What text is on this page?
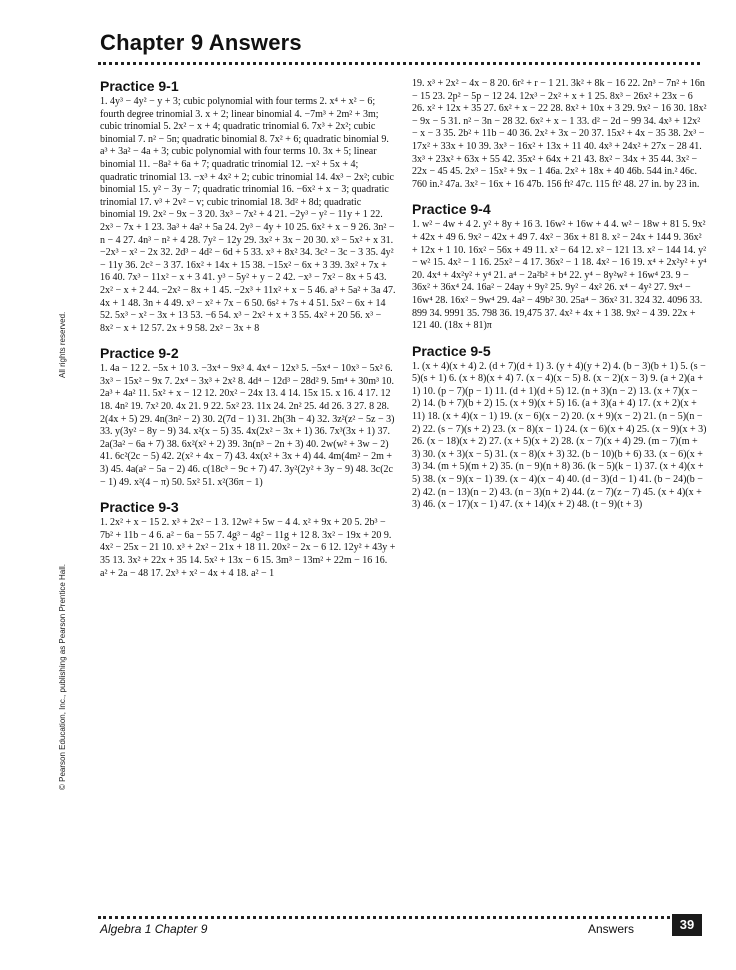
Chapter 9 Answers
All rights reserved.
© Pearson Education, Inc., publishing as Pearson Prentice Hall.
Practice 9-1
1. 4y³ − 4y² − y + 3; cubic polynomial with four terms 2. x⁴ + x² − 6; fourth degree trinomial 3. x + 2; linear binomial 4. −7m³ + 2m² + 3m; cubic trinomial 5. 2x² − x + 4; quadratic trinomial 6. 7x³ + 2x²; cubic binomial 7. n² − 5n; quadratic binomial 8. 7x² + 6; quadratic binomial 9. a³ + 3a² − 4a + 3; cubic polynomial with four terms 10. 3x + 5; linear binomial 11. −8a² + 6a + 7; quadratic trinomial 12. −x² + 5x + 4; quadratic trinomial 13. −x³ + 4x² + 2; cubic trinomial 14. 4x³ − 2x²; cubic binomial 15. y² − 3y − 7; quadratic trinomial 16. −6x² + x − 3; quadratic trinomial 17. v³ + 2v² − v; cubic trinomial 18. 3d² + 8d; quadratic binomial 19. 2x² − 9x − 3 20. 3x³ − 7x² + 4 21. −2y³ − y² − 11y + 1 22. 2x³ − 7x + 1 23. 3a³ + 4a² + 5a 24. 2y³ − 4y + 10 25. 6x² + x − 9 26. 3n² − n − 4 27. 4n³ − n² + 4 28. 7y² − 12y 29. 3x² + 3x − 20 30. x³ − 5x² + x 31. −2x³ − x² − 2x 32. 2d³ − 4d² − 6d + 5 33. x³ + 8x² 34. 3c² − 3c − 3 35. 4y² − 11y 36. 2c² − 3 37. 16x² + 14x + 15 38. −15x² − 6x + 3 39. 3x² + 7x + 16 40. 7x³ − 11x² − x + 3 41. y³ − 5y² + y − 2 42. −x³ − 7x² − 8x + 5 43. 2x² − x + 2 44. −2x² − 8x + 1 45. −2x³ + 11x² + x − 5 46. a³ + 5a² + 3a 47. 4x + 1 48. 3n + 4 49. x³ − x² + 7x − 6 50. 6s² + 7s + 4 51. 5x² − 6x + 14 52. 5x³ − x² − 3x + 13 53. −6 54. x³ − 2x² + x + 3 55. 4x² + 20 56. x³ − 8x² − x + 12 57. 2x + 9 58. 2x² − 3x + 8
Practice 9-2
1. 4a − 12 2. −5x + 10 3. −3x⁴ − 9x³ 4. 4x⁴ − 12x³ 5. −5x⁴ − 10x³ − 5x² 6. 3x³ − 15x² − 9x 7. 2x⁴ − 3x³ + 2x² 8. 4d⁴ − 12d³ − 28d² 9. 5m⁴ + 30m³ 10. 2a³ + 4a² 11. 5x² + x − 12 12. 20x² − 24x 13. 4 14. 15x 15. x 16. 4 17. 12 18. 4n² 19. 7x² 20. 4x 21. 9 22. 5x² 23. 11x 24. 2n² 25. 4d 26. 3 27. 8 28. 2(4x + 5) 29. 4n(3n² − 2) 30. 2(7d − 1) 31. 2h(3h − 4) 32. 3z²(z² − 5z − 3) 33. y(3y² − 8y − 9) 34. x²(x − 5) 35. 4x(2x² − 3x + 1) 36. 7x³(3x + 1) 37. 2a(3a² − 6a + 7) 38. 6x²(x² + 2) 39. 3n(n³ − 2n + 3) 40. 2w(w² + 3w − 2) 41. 6c²(2c − 5) 42. 2(x² + 4x − 7) 43. 4x(x² + 3x + 4) 44. 4m(4m² − 2m + 3) 45. 4a(a² − 5a − 2) 46. c(18c³ − 9c + 7) 47. 3y²(2y² + 3y − 9) 48. 3c(2c − 1) 49. x²(4 − π) 50. 5x² 51. x²(36π − 1)
Practice 9-3
1. 2x² + x − 15 2. x³ + 2x² − 1 3. 12w² + 5w − 4 4. x² + 9x + 20 5. 2b³ − 7b² + 11b − 4 6. a² − 6a − 55 7. 4g³ − 4g² − 11g + 12 8. 3x² − 19x + 20 9. 4x² − 25x − 21 10. x³ + 2x² − 21x + 18 11. 20x² − 2x − 6 12. 12y² + 43y + 35 13. 3x² + 22x + 35 14. 5x² + 13x − 6 15. 3m³ − 13m² + 22m − 16 16. a² + 2a − 48 17. 2x³ + x² − 4x + 4 18. a² − 1
19. x³ + 2x² − 4x − 8 20. 6r² + r − 1 21. 3k² + 8k − 16 22. 2n³ − 7n² + 16n − 15 23. 2p² − 5p − 12 24. 12x³ − 2x² + x + 1 25. 8x³ − 26x² + 23x − 6 26. x² + 12x + 35 27. 6x² + x − 22 28. 8x² + 10x + 3 29. 9x² − 16 30. 18x² − 9x − 5 31. n² − 3n − 28 32. 6x² + x − 1 33. d² − 2d − 99 34. 4x³ + 12x² − x − 3 35. 2b² + 11b − 40 36. 2x² + 3x − 20 37. 15x² + 4x − 35 38. 2x³ − 17x² + 33x + 10 39. 3x³ − 16x² + 13x + 11 40. 4x³ + 24x² + 27x − 28 41. 3x³ + 23x² + 63x + 55 42. 35x² + 64x + 21 43. 8x² − 34x + 35 44. 3x² − 22x − 45 45. 2x³ − 15x² + 9x − 1 46a. 2x² + 18x + 40 46b. 544 in.² 46c. 760 in.² 47a. 3x² − 16x + 16 47b. 156 ft² 47c. 115 ft² 48. 27 in. by 23 in.
Practice 9-4
1. w² − 4w + 4 2. y² + 8y + 16 3. 16w² + 16w + 4 4. w² − 18w + 81 5. 9x² + 42x + 49 6. 9x² − 42x + 49 7. 4x² − 36x + 81 8. x² − 24x + 144 9. 36x² + 12x + 1 10. 16x² − 56x + 49 11. x² − 64 12. x² − 121 13. x² − 144 14. y² − w² 15. 4x² − 1 16. 25x² − 4 17. 36x² − 1 18. 4x² − 16 19. x⁴ + 2x²y² + y⁴ 20. 4x⁴ + 4x²y² + y⁴ 21. a⁴ − 2a²b² + b⁴ 22. y⁴ − 8y²w² + 16w⁴ 23. 9 − 36x² + 36x⁴ 24. 16a² − 24ay + 9y² 25. 9y² − 4x² 26. x⁴ − 4y² 27. 9x⁴ − 16w⁴ 28. 16x² − 9w⁴ 29. 4a² − 49b² 30. 25a⁴ − 36x² 31. 324 32. 4096 33. 899 34. 9991 35. 798 36. 19,475 37. 4x² + 4x + 1 38. 9x² − 4 39. 22x + 121 40. (18x + 81)π
Practice 9-5
1. (x + 4)(x + 4) 2. (d + 7)(d + 1) 3. (y + 4)(y + 2) 4. (b − 3)(b + 1) 5. (s − 5)(s + 1) 6. (x + 8)(x + 4) 7. (x − 4)(x − 5) 8. (x − 2)(x − 3) 9. (a + 2)(a + 1) 10. (p − 7)(p − 1) 11. (d + 1)(d + 5) 12. (n + 3)(n − 2) 13. (x + 7)(x − 2) 14. (b + 7)(b + 2) 15. (x + 9)(x + 5) 16. (a + 3)(a + 4) 17. (x + 2)(x + 11) 18. (x + 4)(x − 1) 19. (x − 6)(x − 2) 20. (x + 9)(x − 2) 21. (n − 5)(n − 2) 22. (s − 7)(s + 2) 23. (x − 8)(x − 1) 24. (x − 6)(x + 4) 25. (x − 9)(x + 3) 26. (x − 18)(x + 2) 27. (x + 5)(x + 2) 28. (x − 7)(x + 4) 29. (m − 7)(m + 3) 30. (x + 3)(x − 5) 31. (x − 8)(x + 3) 32. (b − 10)(b + 6) 33. (x − 6)(x + 3) 34. (m + 5)(m + 2) 35. (n − 9)(n + 8) 36. (k − 5)(k − 1) 37. (x + 4)(x + 5) 38. (x − 9)(x − 1) 39. (x − 4)(x − 4) 40. (d − 3)(d − 1) 41. (b − 24)(b − 2) 42. (n − 13)(n − 2) 43. (n − 3)(n + 2) 44. (z − 7)(z − 7) 45. (x + 4)(x + 3) 46. (x − 17)(x − 1) 47. (x + 14)(x + 2) 48. (t − 9)(t + 3)
Algebra 1 Chapter 9	Answers	39
